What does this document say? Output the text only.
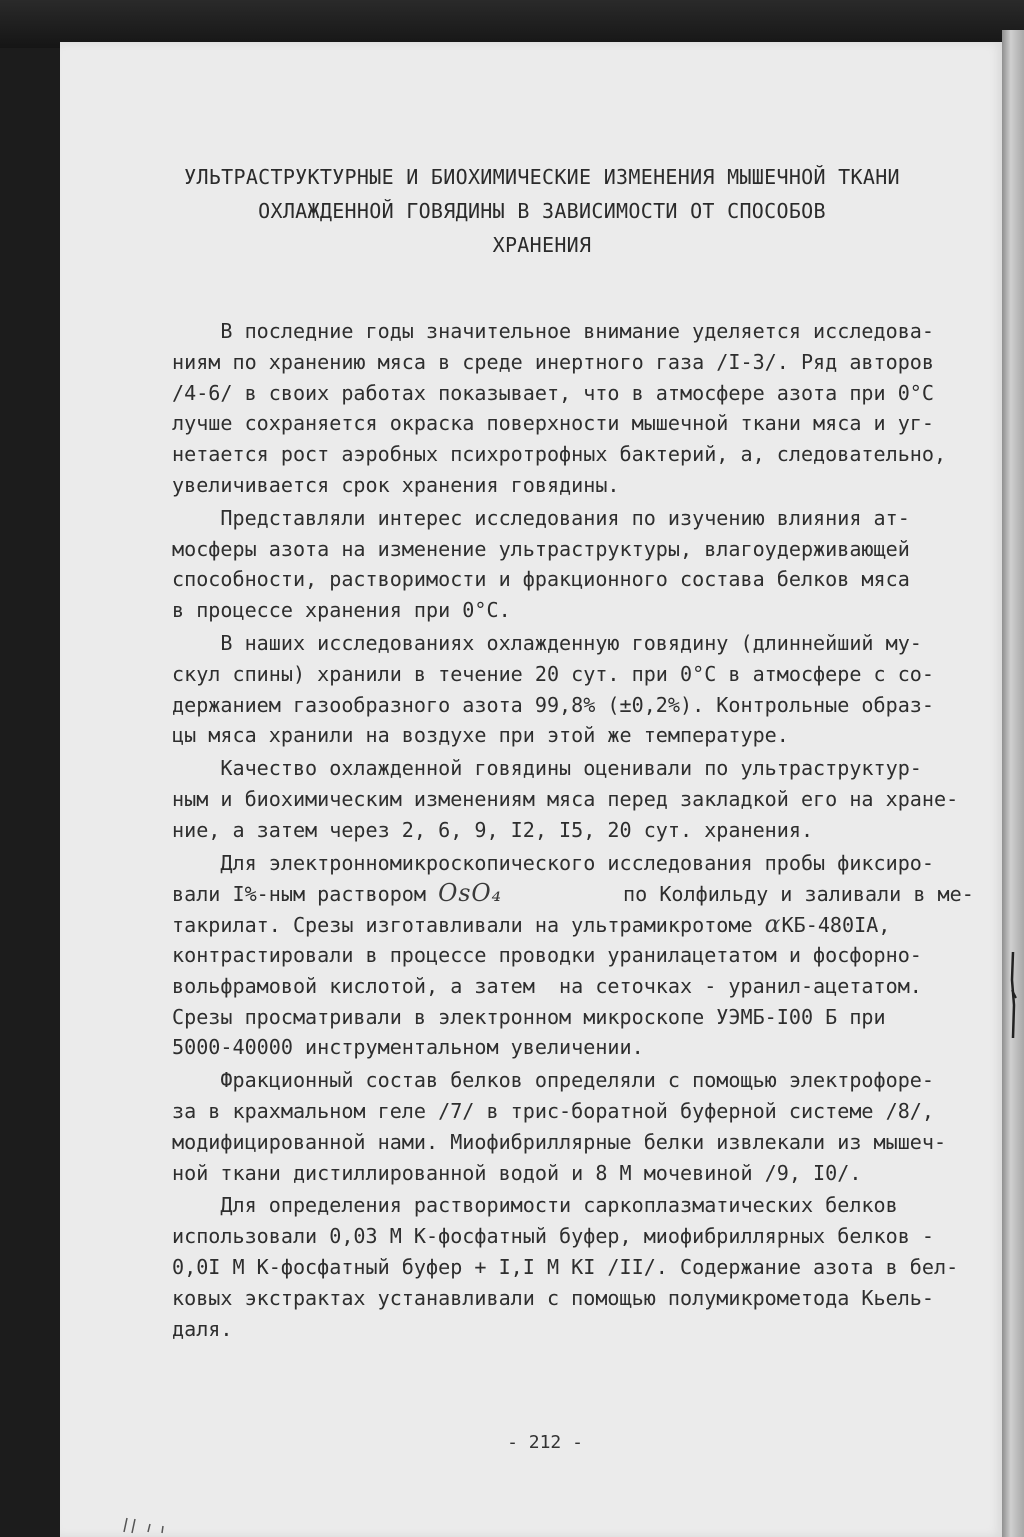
УЛЬТРАСТРУКТУРНЫЕ И БИОХИМИЧЕСКИЕ ИЗМЕНЕНИЯ МЫШЕЧНОЙ ТКАНИ
ОХЛАЖДЕННОЙ ГОВЯДИНЫ В ЗАВИСИМОСТИ ОТ СПОСОБОВ
ХРАНЕНИЯ
В последние годы значительное внимание уделяется исследова-
ниям по хранению мяса в среде инертного газа /I-3/. Ряд авторов
/4-6/ в своих работах показывает, что в атмосфере азота при 0°С
лучше сохраняется окраска поверхности мышечной ткани мяса и уг-
нетается рост аэробных психротрофных бактерий, а, следовательно,
увеличивается срок хранения говядины.
Представляли интерес исследования по изучению влияния ат-
мосферы азота на изменение ультраструктуры, влагоудерживающей
способности, растворимости и фракционного состава белков мяса
в процессе хранения при 0°С.
В наших исследованиях охлажденную говядину (длиннейший му-
скул спины) хранили в течение 20 сут. при 0°С в атмосфере с со-
держанием газообразного азота 99,8% (±0,2%). Контрольные образ-
цы мяса хранили на воздухе при этой же температуре.
Качество охлажденной говядины оценивали по ультраструктур-
ным и биохимическим изменениям мяса перед закладкой его на хране-
ние, а затем через 2, 6, 9, I2, I5, 20 сут. хранения.
Для электронномикроскопического исследования пробы фиксиро-
вали I%-ным раствором OsO₄          по Колфильду и заливали в ме-
такрилат. Срезы изготавливали на ультрамикротоме αКБ-480IA,
контрастировали в процессе проводки уранилацетатом и фосфорно-
вольфрамовой кислотой, а затем  на сеточках - уранил-ацетатом.
Срезы просматривали в электронном микроскопе УЭМБ-I00 Б при
5000-40000 инструментальном увеличении.
Фракционный состав белков определяли с помощью электрофоре-
за в крахмальном геле /7/ в трис-боратной буферной системе /8/,
модифицированной нами. Миофибриллярные белки извлекали из мышеч-
ной ткани дистиллированной водой и 8 М мочевиной /9, I0/.
Для определения растворимости саркоплазматических белков
использовали 0,03 М К-фосфатный буфер, миофибриллярных белков -
0,0I М К-фосфатный буфер + I,I М KI /II/. Содержание азота в бел-
ковых экстрактах устанавливали с помощью полумикрометода Кьель-
даля.
- 212 -
